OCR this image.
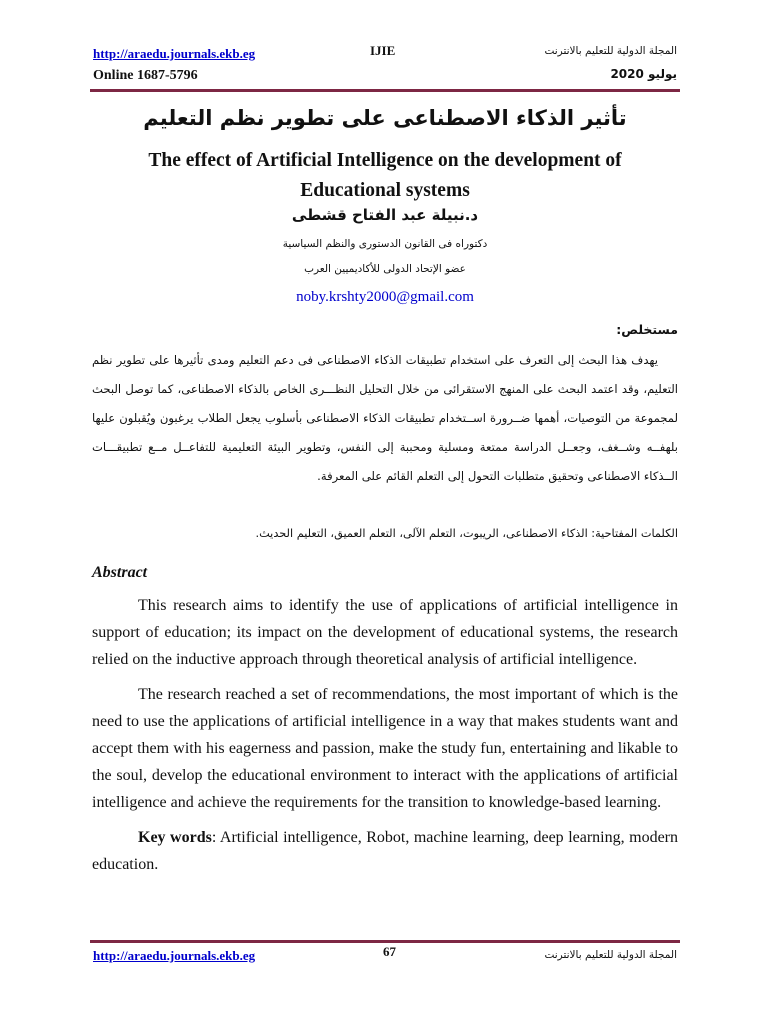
http://araedu.journals.ekb.eg	IJIE	المجلة الدولية للتعليم بالانترنت
Online 1687-5796	يوليو 2020
تأثير الذكاء الاصطناعى على تطوير نظم التعليم
The effect of Artificial Intelligence on the development of Educational systems
د.نبيلة عبد الفتاح قشطى
دكتوراه فى القانون الدستورى والنظم السياسية
عضو الإتحاد الدولى للأكاديميين العرب
noby.krshty2000@gmail.com
مستخلص:

يهدف هذا البحث إلى التعرف على استخدام تطبيقات الذكاء الاصطناعى فى دعم التعليم ومدى تأثيرها على تطوير نظم التعليم، وقد اعتمد البحث على المنهج الاستقرائى من خلال التحليل النظـــرى الخاص بالذكاء الاصطناعى، كما توصل البحث لمجموعة من التوصيات، أهمها ضــرورة اســتخدام تطبيقات الذكاء الاصطناعى بأسلوب يجعل الطلاب يرغبون ويُقبلون عليها بلهفــه وشــغف، وجعــل الدراسة ممتعة ومسلية ومحببة إلى النفس، وتطوير البيئة التعليمية للتفاعــل مــع تطبيقـــات الــذكاء الاصطناعى وتحقيق متطلبات التحول إلى التعلم القائم على المعرفة.

الكلمات المفتاحية: الذكاء الاصطناعى، الريبوت، التعلم الآلى، التعلم العميق، التعليم الحديث.
Abstract

This research aims to identify the use of applications of artificial intelligence in support of education; its impact on the development of educational systems, the research relied on the inductive approach through theoretical analysis of artificial intelligence.

The research reached a set of recommendations, the most important of which is the need to use the applications of artificial intelligence in a way that makes students want and accept them with his eagerness and passion, make the study fun, entertaining and likable to the soul, develop the educational environment to interact with the applications of artificial intelligence and achieve the requirements for the transition to knowledge-based learning.

Key words: Artificial intelligence, Robot, machine learning, deep learning, modern education.

http://araedu.journals.ekb.eg	67	المجلة الدولية للتعليم بالانترنت
